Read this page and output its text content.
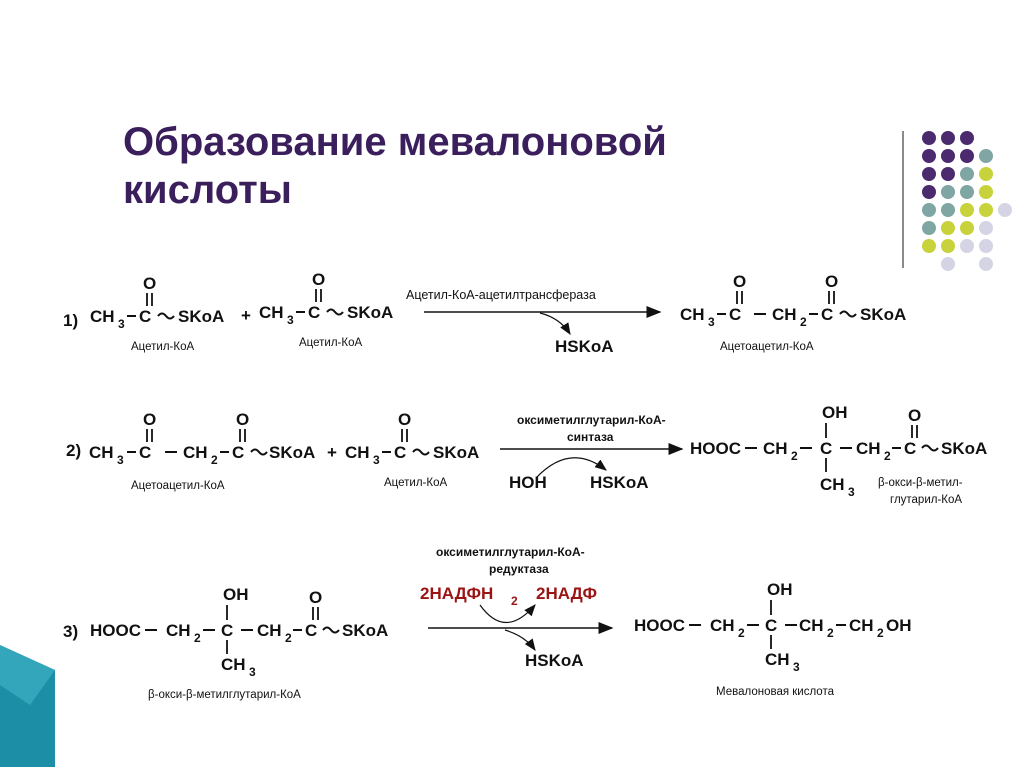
Образование мевалоновой
кислоты
1) CH 3 C
O
SKoA
Ацетил-КоА
+ CH 3 C
O
SKoA
Ацетил-КоА
Ацетил-КоА-ацетилтрансфераза
HSKoA
CH 3 C
O
CH 2 C
O
SKoA
Ацетоацетил-КоА
2) CH 3 C
O
CH 2 C
O
SKoA
Ацетоацетил-КоА
+ CH 3 C
O
SKoA
Ацетил-КоА
оксиметилглутарил-КоА-
синтаза
HOH	HSKoA
HOOC CH 2 C
OH
CH 3
CH 2 C
O
SKoA
β-окси-β-метил-
глутарил-КоА
3) HOOC CH 2 C
OH
CH 3
CH 2 C
O
SKoA
β-окси-β-метилглутарил-КоА
оксиметилглутарил-КоА-
редуктаза
2НАДФН 2 2НАДФ
HSKoA
HOOC CH 2 C
OH
CH 3
CH 2 CH 2 OH
Мевалоновая кислота
